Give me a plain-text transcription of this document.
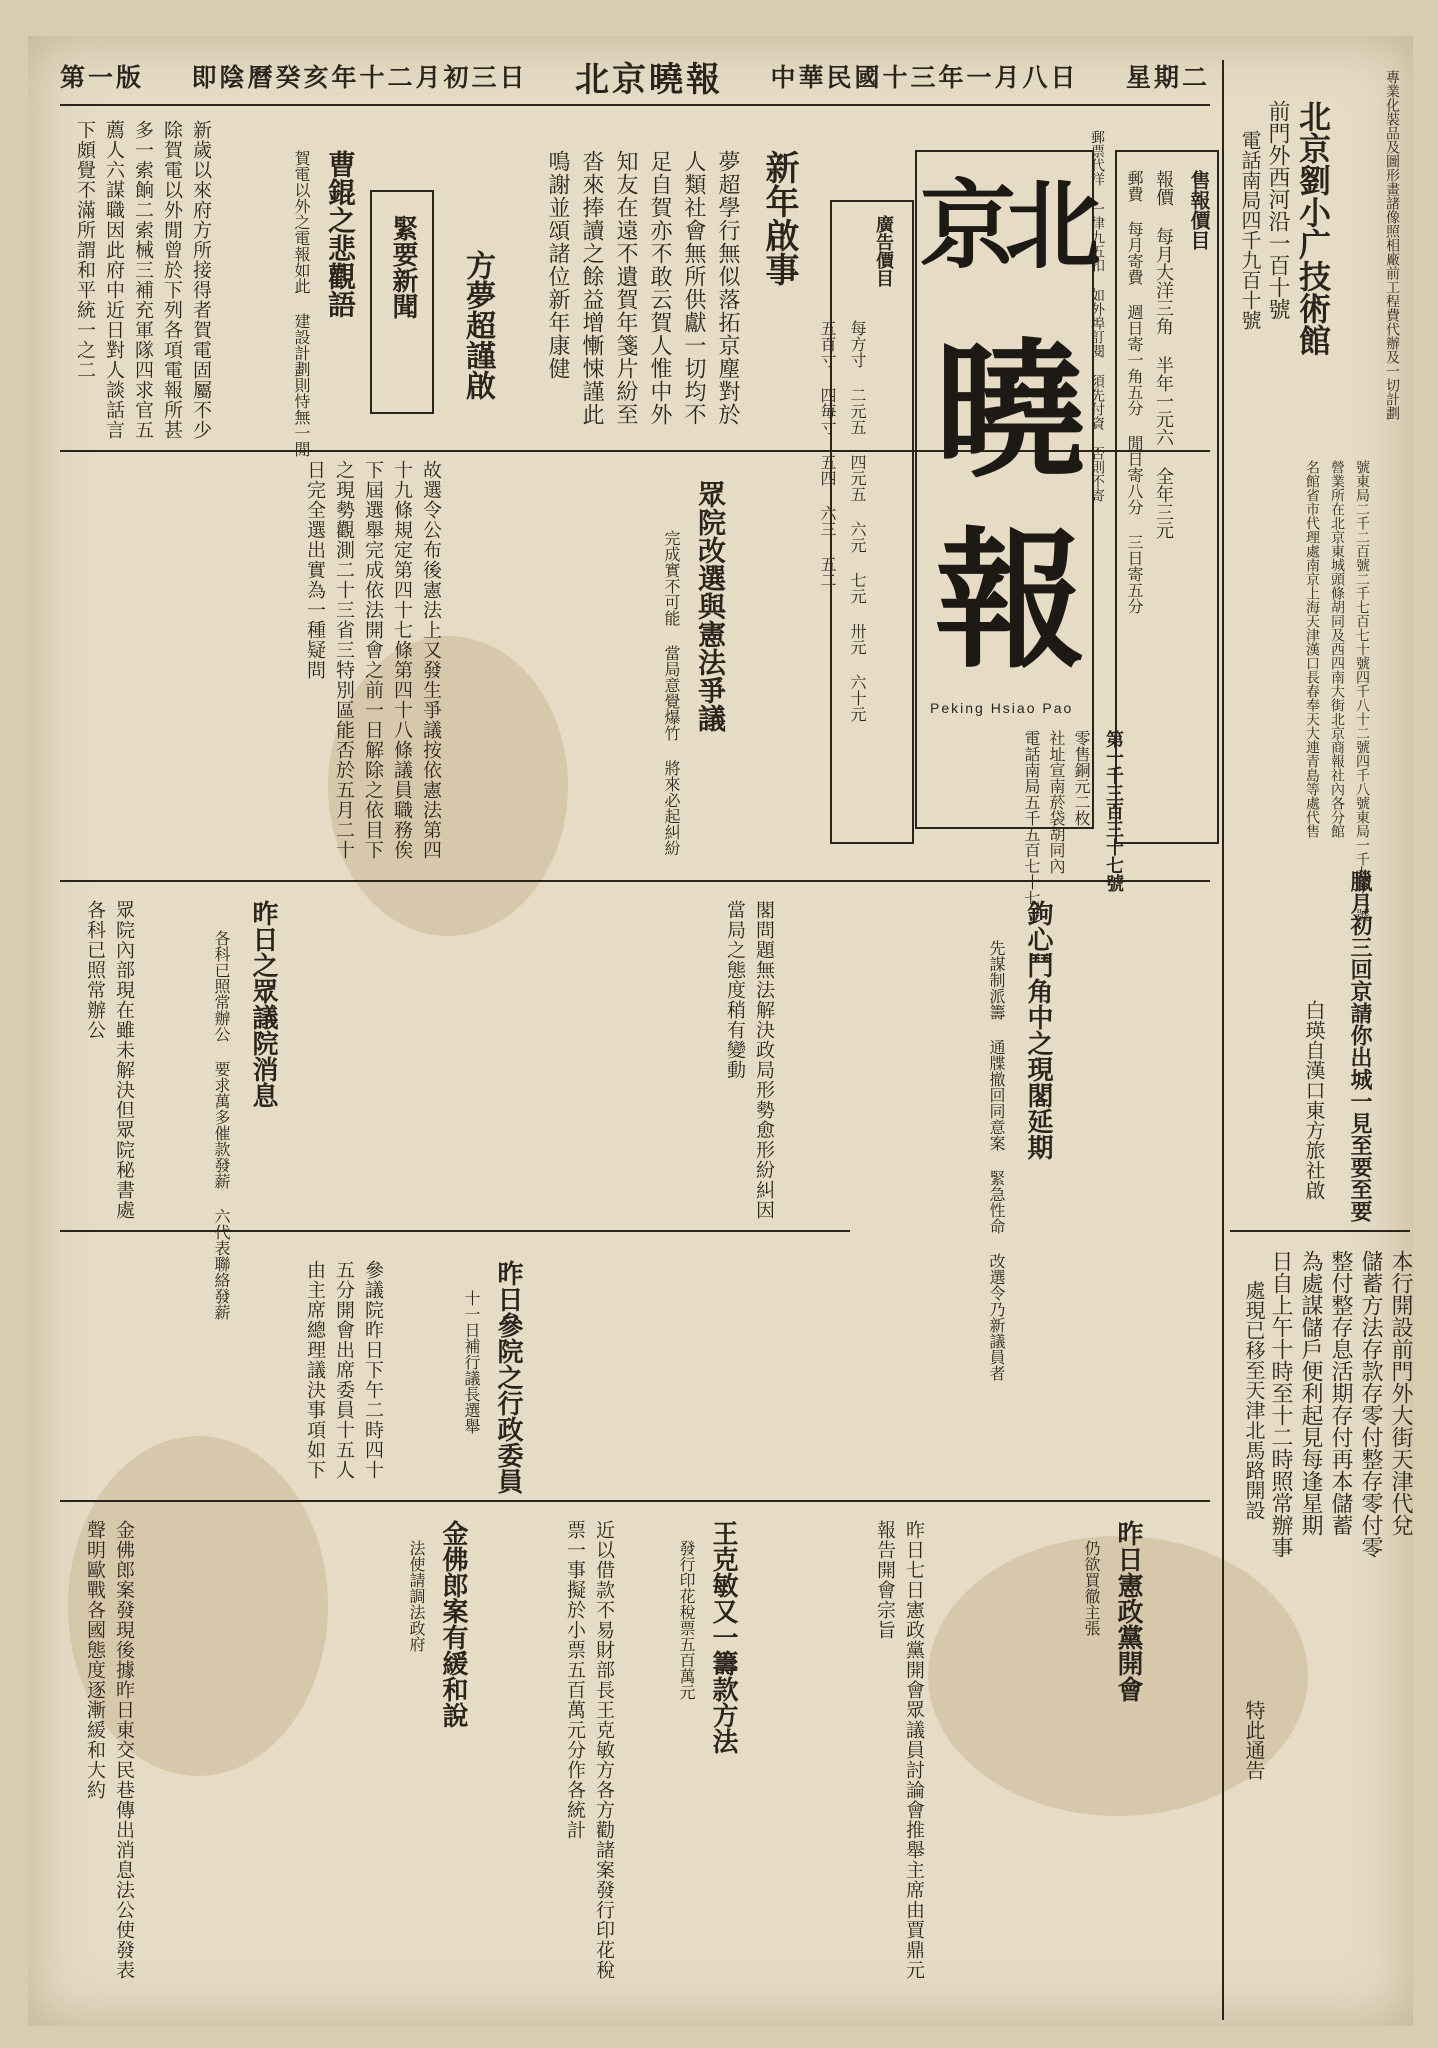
第一版 即陰曆癸亥年十二月初三日 北京曉報 中華民國十三年一月八日 星期二
北
京
曉
報
Peking Hsiao Pao
第一千三百三十七號
零售銅元二枚
社址宣南菸袋胡同內
電話南局五千五百七十七
售報價目
報價 每月大洋三角 半年一元六 全年三元
郵費 每月寄費 週日寄一角五分 閒日寄八分 三日寄五分
郵票代洋 一律九五扣 如外埠訂閱 須先付資 否則不寄
廣告價目
每方寸 二元五 四元五 六元 七元 卅元 六十元
五百寸 四毎寸 五四 六三 五二
北京劉小广技術館
前門外西河沿一百十號
電話南局四千九百十號	專業化裝品及圖形畫諸像照相廠前工程費代辦及一切計劃
號東局二千二百號二千七百七十號四千八十二號四千八號東局一千九十二號
營業所在北京東城頭條胡同及西四南大街北京商報社內各分館
名館省市代理處南京上海天津漢口長春奉天大連青島等處代售
臘月初三回京請你出城一見至要至要
白瑛自漢口東方旅社啟
本行開設前門外大街天津代兌
儲蓄方法存款存零付整存零付零
整付整存息活期存付再本儲蓄
為處謀儲戶便利起見每逢星期
日自上午十時至十二時照常辦事
處現已移至天津北馬路開設
特此通告
新年啟事
夢超學行無似落拓京塵對於人類社會無所供獻一切均不足自賀亦不敢云賀人惟中外知友在遠不遺賀年箋片紛至沓來捧讀之餘益增慚悚謹此鳴謝並頌諸位新年康健
方夢超謹啟
緊要新聞
曹錕之悲觀語
賀電以外之電報如此 建設計劃則恃無一閒
新歲以來府方所接得者賀電固屬不少除賀電以外閒曾於下列各項電報所甚多一索餉二索械三補充軍隊四求官五薦人六謀職因此府中近日對人談話言下頗覺不滿所謂和平統一之二
眾院改選與憲法爭議
完成實不可能 當局意覺爆竹 將來必起糾紛
故選令公布後憲法上又發生爭議按依憲法第四十九條規定第四十七條第四十八條議員職務俟下屆選舉完成依法開會之前一日解除之依目下之現勢觀測二十三省三特別區能否於五月二十日完全選出實為一種疑問
昨日之眾議院消息
各科已照常辦公 要求萬多催款發薪 六代表聯絡發薪
眾院內部現在雖未解決但眾院秘書處各科已照常辦公	鉤心鬥角中之現閣延期
先謀制派籌 通牒撤回同意案 緊急性命 改選令乃新議員者
閣問題無法解決政局形勢愈形紛糾因當局之態度稍有變動
昨日憲政黨開會
仍欲買徹主張
昨日七日憲政黨開會眾議員討論會推舉主席由賈鼎元報告開會宗旨
昨日參院之行政委員
十一日補行議長選舉
參議院昨日下午二時四十五分開會出席委員十五人由主席總理議決事項如下
王克敏又一籌款方法
發行印花稅票五百萬元
近以借款不易財部長王克敏方各方勸諸案發行印花稅票一事擬於小票五百萬元分作各統計
金佛郎案有緩和說
法使請調法政府
金佛郎案發現後據昨日東交民巷傳出消息法公使發表聲明歐戰各國態度逐漸緩和大約
